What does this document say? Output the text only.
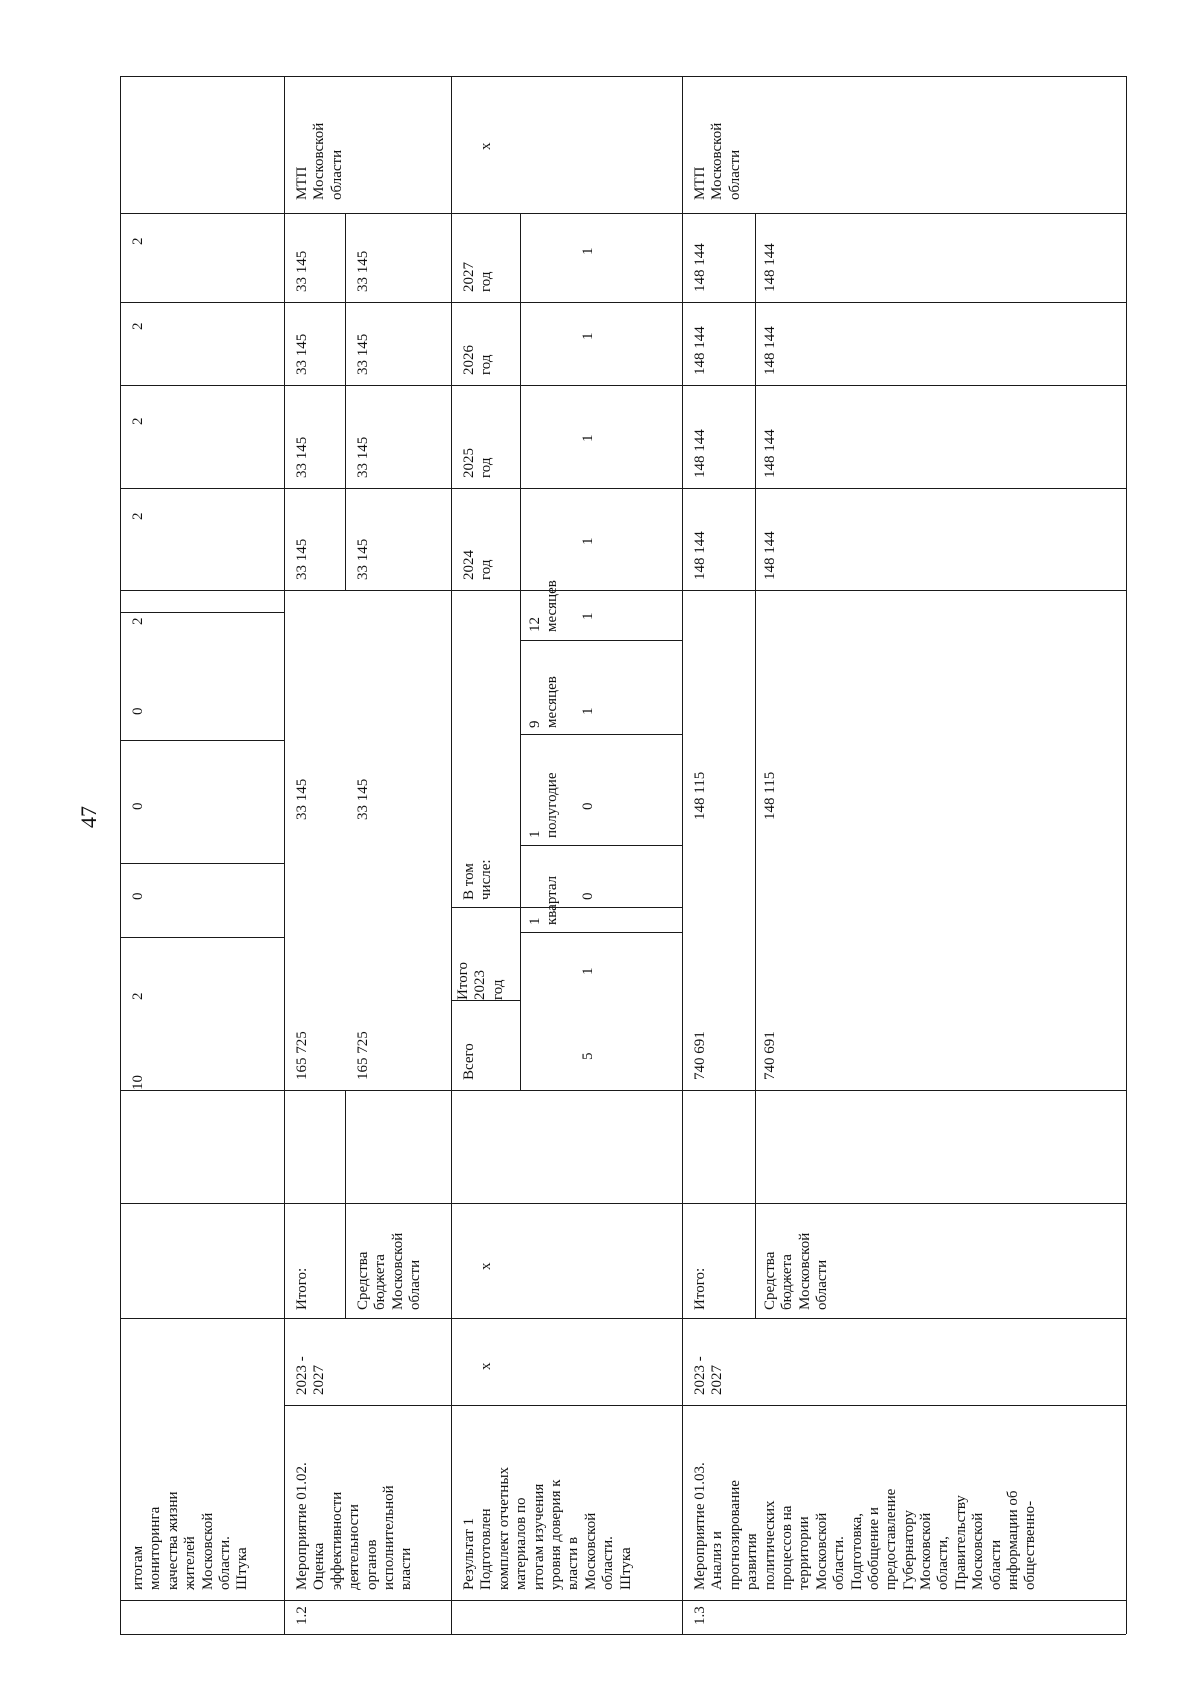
47
итогам
мониторинга
качества жизни
жителей
Московской
области.
Штука
10
2
0
0
0
2
2
2
2
2
1.2
Мероприятие 01.02.
Оценка
эффективности
деятельности
органов
исполнительной
власти
2023 -
2027
Итого:
165 725
33 145
33 145
33 145
33 145
33 145
МТП
Московской
области
Средства
бюджета
Московской
области
165 725
33 145
33 145
33 145
33 145
33 145
Результат 1
Подготовлен
комплект отчетных
материалов по
итогам изучения
уровня доверия к
власти в
Московской
области.
Штука
x
x
Всего
Итого
2023
год
В том числе:
1 квартал
1 полугодие
9 месяцев
12 месяцев
2024 год
2025 год
2026 год
2027 год
x
5
1
0
0
1
1
1
1
1
1
1.3
Мероприятие 01.03.
Анализ и
прогнозирование
развития
политических
процессов на
территории
Московской
области.
Подготовка,
обобщение и
предоставление
Губернатору
Московской
области,
Правительству
Московской
области
информации об
общественно-
2023 -
2027
Итого:
740 691
148 115
148 144
148 144
148 144
148 144
МТП
Московской
области
Средства
бюджета
Московской
области
740 691
148 115
148 144
148 144
148 144
148 144
